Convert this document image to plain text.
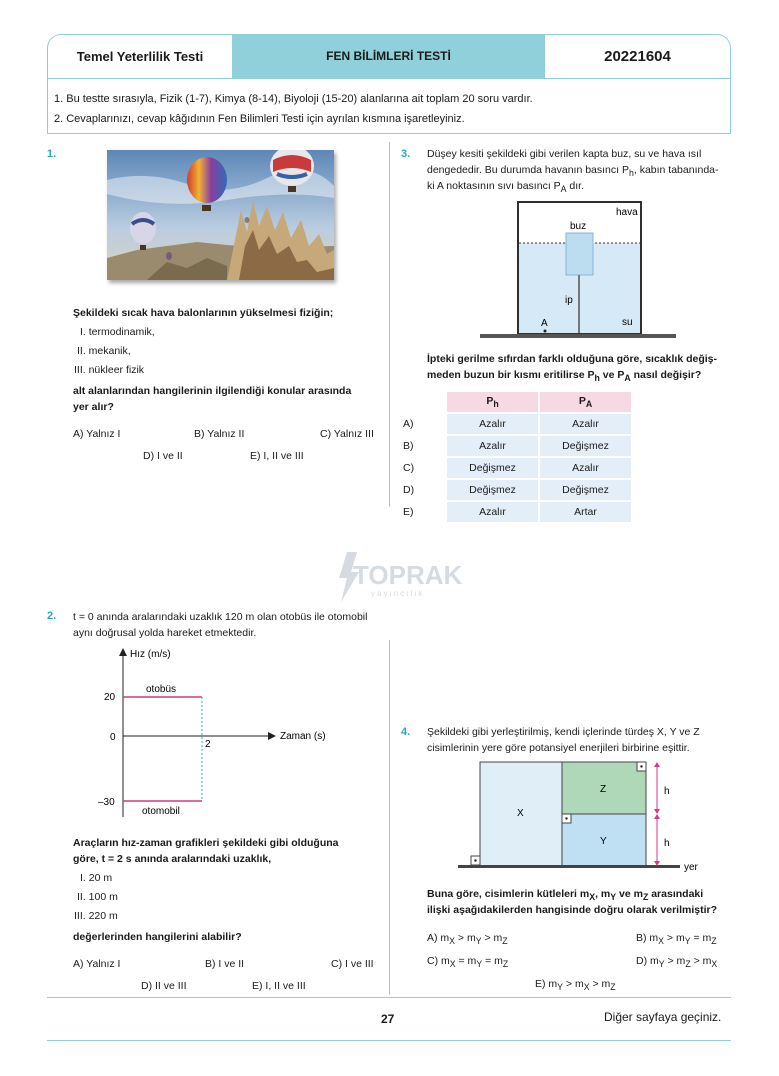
Temel Yeterlilik Testi	FEN BİLİMLERİ TESTİ	20221604
1. Bu testte sırasıyla, Fizik (1-7), Kimya (8-14), Biyoloji (15-20) alanlarına ait toplam 20 soru vardır.
2. Cevaplarınızı, cevap kâğıdının Fen Bilimleri Testi için ayrılan kısmına işaretleyiniz.
1.
Şekildeki sıcak hava balonlarının yükselmesi fiziğin;
I. termodinamik,
II. mekanik,
III. nükleer fizik
alt alanlarından hangilerinin ilgilendiği konular arasında
yer alır?
A) Yalnız I	B) Yalnız II	C) Yalnız III
D) I ve II	E) I, II ve III
3. Düşey kesiti şekildeki gibi verilen kapta buz, su ve hava ısıl
dengededir. Bu durumda havanın basıncı $P_h$, kabın tabanında-
ki A noktasının sıvı basıncı $P_A$ dır.
hava
buz
ip
su
A
İpteki gerilme sıfırdan farklı olduğuna göre, sıcaklık değiş-
meden buzun bir kısmı eritilirse $P_h$ ve $P_A$ nasıl değişir?
	$P_h$	$P_A$
A)	Azalır	Azalır
B)	Azalır	Değişmez
C)	Değişmez	Azalır
D)	Değişmez	Değişmez
E)	Azalır	Artar
TOPRAK
yayıncılık
2. t = 0 anında aralarındaki uzaklık 120 m olan otobüs ile otomobil
aynı doğrusal yolda hareket etmektedir.
Hız (m/s)
Zaman (s)
20
0
–30
2
otobüs
otomobil
Araçların hız-zaman grafikleri şekildeki gibi olduğuna
göre, t = 2 s anında aralarındaki uzaklık,
I. 20 m
II. 100 m
III. 220 m
değerlerinden hangilerini alabilir?
A) Yalnız I	B) I ve II	C) I ve III
D) II ve III	E) I, II ve III
4. Şekildeki gibi yerleştirilmiş, kendi içlerinde türdeş X, Y ve Z
cisimlerinin yere göre potansiyel enerjileri birbirine eşittir.
X
Z
Y
h
h
yer
Buna göre, cisimlerin kütleleri $m_X$, $m_Y$ ve $m_Z$ arasındaki
ilişki aşağıdakilerden hangisinde doğru olarak verilmiştir?
A) $m_X > m_Y > m_Z$	B) $m_X > m_Y = m_Z$
C) $m_X = m_Y = m_Z$	D) $m_Y > m_Z > m_X$
E) $m_Y > m_X > m_Z$
27	Diğer sayfaya geçiniz.
